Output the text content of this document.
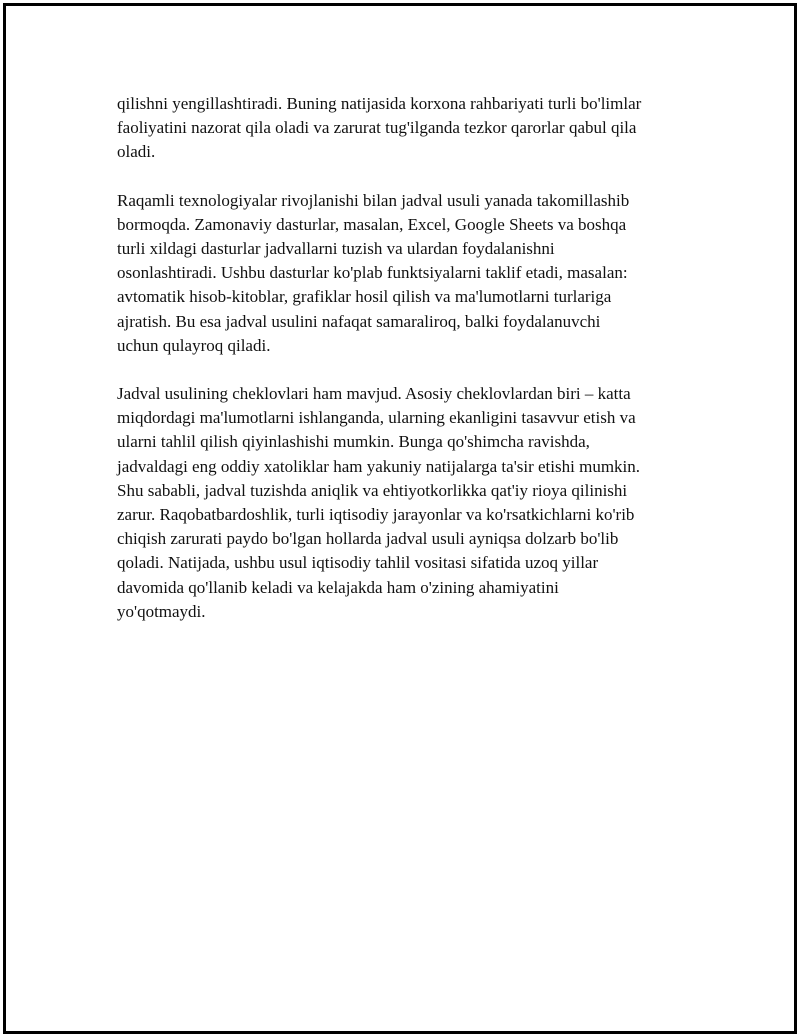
qilishni yengillashtiradi. Buning natijasida korxona rahbariyati turli bo'limlar
faoliyatini nazorat qila oladi va zarurat tug'ilganda tezkor qarorlar qabul qila
oladi.

Raqamli texnologiyalar rivojlanishi bilan jadval usuli yanada takomillashib
bormoqda. Zamonaviy dasturlar, masalan, Excel, Google Sheets va boshqa
turli xildagi dasturlar jadvallarni tuzish va ulardan foydalanishni
osonlashtiradi. Ushbu dasturlar ko'plab funktsiyalarni taklif etadi, masalan:
avtomatik hisob-kitoblar, grafiklar hosil qilish va ma'lumotlarni turlariga
ajratish. Bu esa jadval usulini nafaqat samaraliroq, balki foydalanuvchi
uchun qulayroq qiladi.

Jadval usulining cheklovlari ham mavjud. Asosiy cheklovlardan biri – katta
miqdordagi ma'lumotlarni ishlanganda, ularning ekanligini tasavvur etish va
ularni tahlil qilish qiyinlashishi mumkin. Bunga qo'shimcha ravishda,
jadvaldagi eng oddiy xatoliklar ham yakuniy natijalarga ta'sir etishi mumkin.
Shu sababli, jadval tuzishda aniqlik va ehtiyotkorlikka qat'iy rioya qilinishi
zarur. Raqobatbardoshlik, turli iqtisodiy jarayonlar va ko'rsatkichlarni ko'rib
chiqish zarurati paydo bo'lgan hollarda jadval usuli ayniqsa dolzarb bo'lib
qoladi. Natijada, ushbu usul iqtisodiy tahlil vositasi sifatida uzoq yillar
davomida qo'llanib keladi va kelajakda ham o'zining ahamiyatini
yo'qotmaydi.
